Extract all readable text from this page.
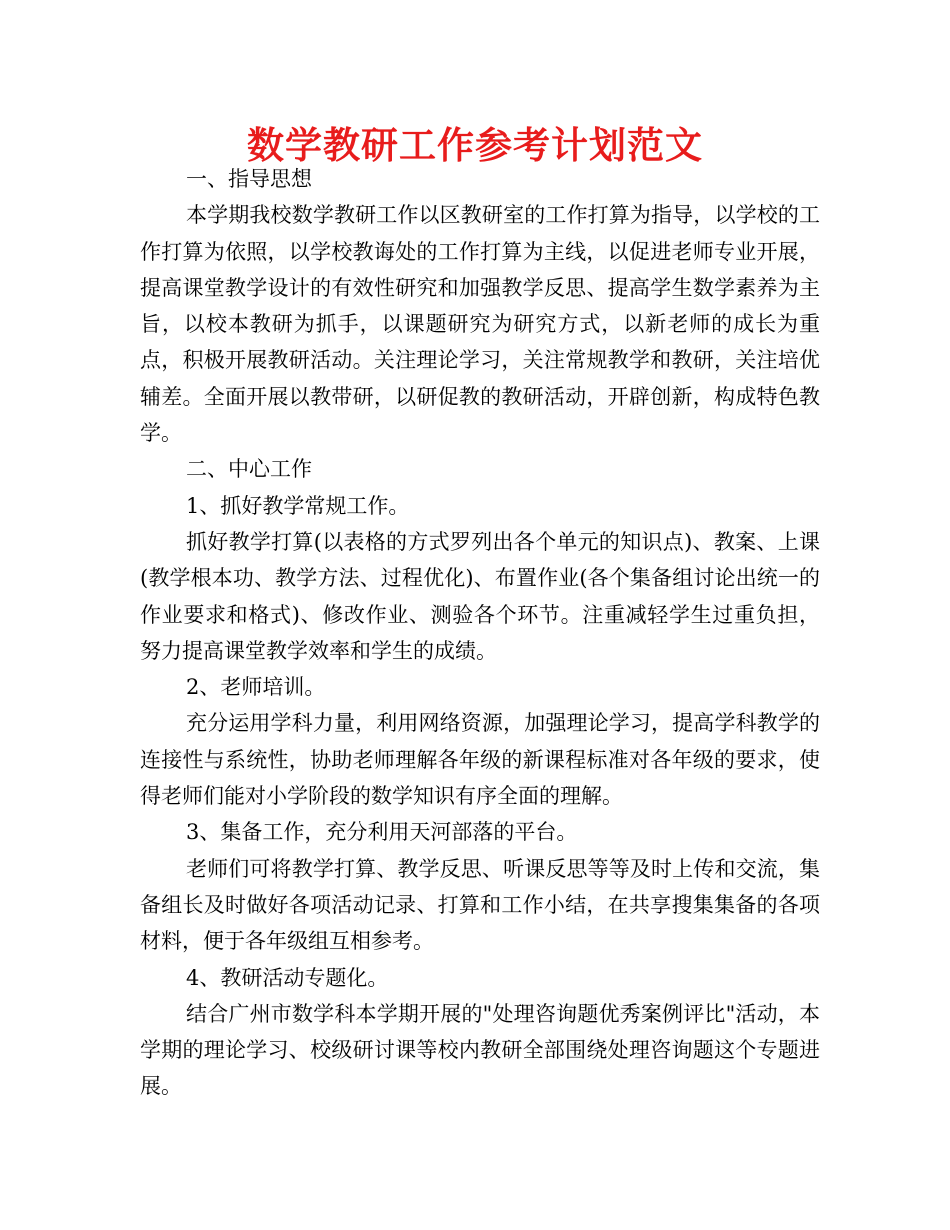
数学教研工作参考计划范文

一、指导思想

本学期我校数学教研工作以区教研室的工作打算为指导，以学校的工作打算为依照，以学校教诲处的工作打算为主线，以促进老师专业开展，提高课堂教学设计的有效性研究和加强教学反思、提高学生数学素养为主旨，以校本教研为抓手，以课题研究为研究方式，以新老师的成长为重点，积极开展教研活动。关注理论学习，关注常规教学和教研，关注培优辅差。全面开展以教带研，以研促教的教研活动，开辟创新，构成特色教学。

二、中心工作

1、抓好教学常规工作。

抓好教学打算(以表格的方式罗列出各个单元的知识点)、教案、上课(教学根本功、教学方法、过程优化)、布置作业(各个集备组讨论出统一的作业要求和格式)、修改作业、测验各个环节。注重减轻学生过重负担，努力提高课堂教学效率和学生的成绩。

2、老师培训。

充分运用学科力量，利用网络资源，加强理论学习，提高学科教学的连接性与系统性，协助老师理解各年级的新课程标准对各年级的要求，使得老师们能对小学阶段的数学知识有序全面的理解。

3、集备工作，充分利用天河部落的平台。

老师们可将教学打算、教学反思、听课反思等等及时上传和交流，集备组长及时做好各项活动记录、打算和工作小结，在共享搜集集备的各项材料，便于各年级组互相参考。

4、教研活动专题化。

结合广州市数学科本学期开展的"处理咨询题优秀案例评比"活动，本学期的理论学习、校级研讨课等校内教研全部围绕处理咨询题这个专题进展。
